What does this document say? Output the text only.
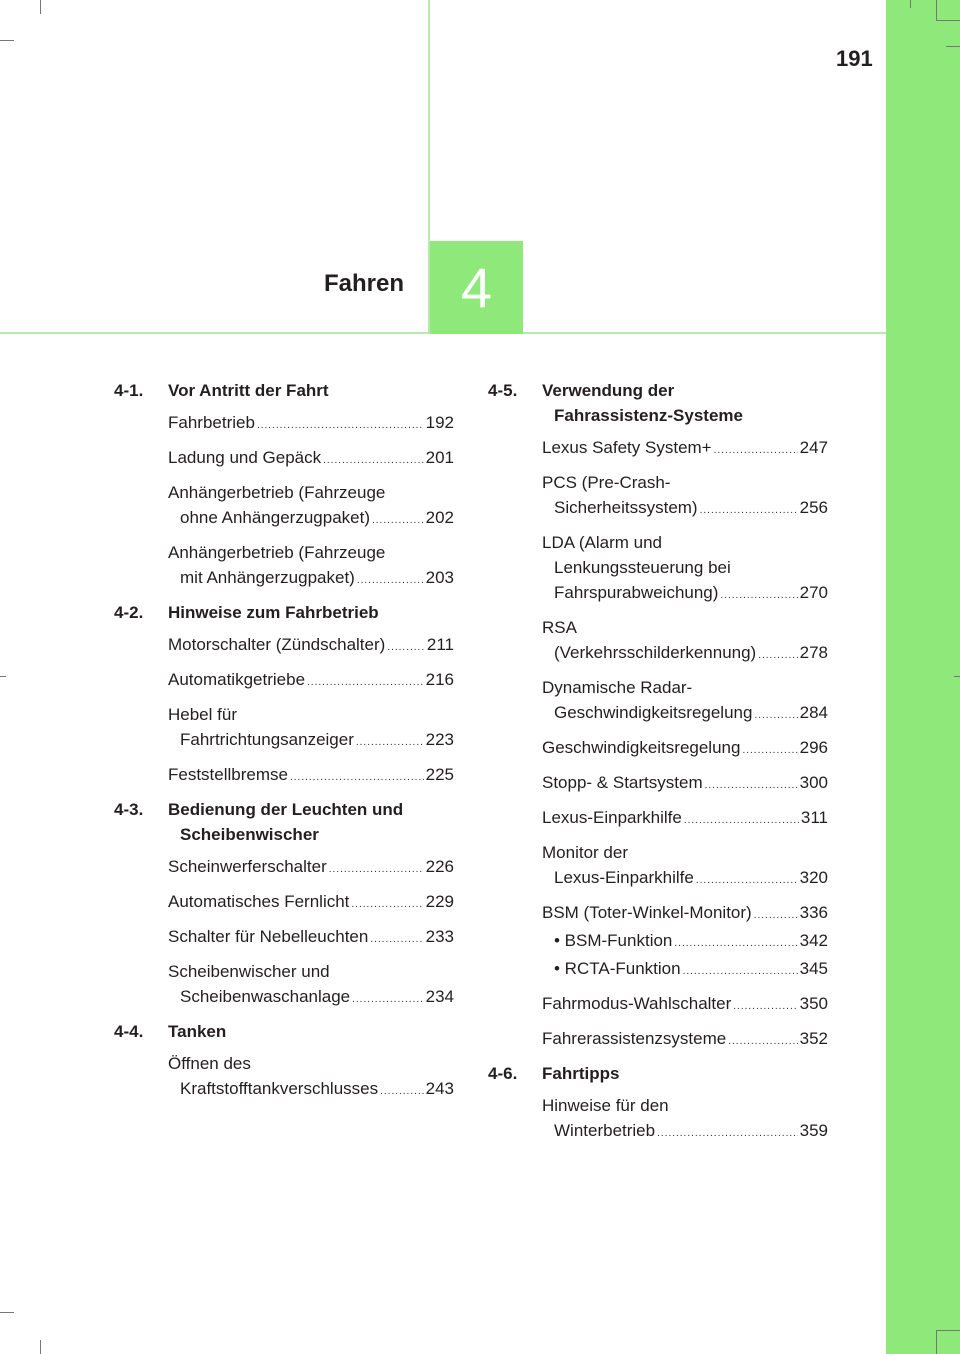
191
Fahren 4
4-1.	Vor Antritt der Fahrt
Fahrbetrieb .....	192
Ladung und Gepäck .....	201
Anhängerbetrieb (Fahrzeuge
ohne Anhängerzugpaket) .....	202
Anhängerbetrieb (Fahrzeuge
mit Anhängerzugpaket) .....	203
4-2.	Hinweise zum Fahrbetrieb
Motorschalter (Zündschalter) ..... 211
Automatikgetriebe .....	216
Hebel für
Fahrtrichtungsanzeiger .....	223
Feststellbremse .....	225
4-3.	Bedienung der Leuchten und
Scheibenwischer
Scheinwerferschalter .....	226
Automatisches Fernlicht .....	229
Schalter für Nebelleuchten .....	233
Scheibenwischer und
Scheibenwaschanlage .....	234
4-4.	Tanken
Öffnen des
Kraftstofftankverschlusses .....	243
4-5.	Verwendung der
Fahrassistenz-Systeme
Lexus Safety System+ .....	247
PCS (Pre-Crash-
Sicherheitssystem) .....	256
LDA (Alarm und
Lenkungssteuerung bei
Fahrspurabweichung) .....	270
RSA
(Verkehrsschilderkennung) .....	278
Dynamische Radar-
Geschwindigkeitsregelung .....	284
Geschwindigkeitsregelung .....	296
Stopp- & Startsystem .....	300
Lexus-Einparkhilfe .....	311
Monitor der
Lexus-Einparkhilfe .....	320
BSM (Toter-Winkel-Monitor) .....	336
• BSM-Funktion .....	342
• RCTA-Funktion .....	345
Fahrmodus-Wahlschalter .....	350
Fahrerassistenzsysteme .....	352
4-6.	Fahrtipps
Hinweise für den
Winterbetrieb .....	359
